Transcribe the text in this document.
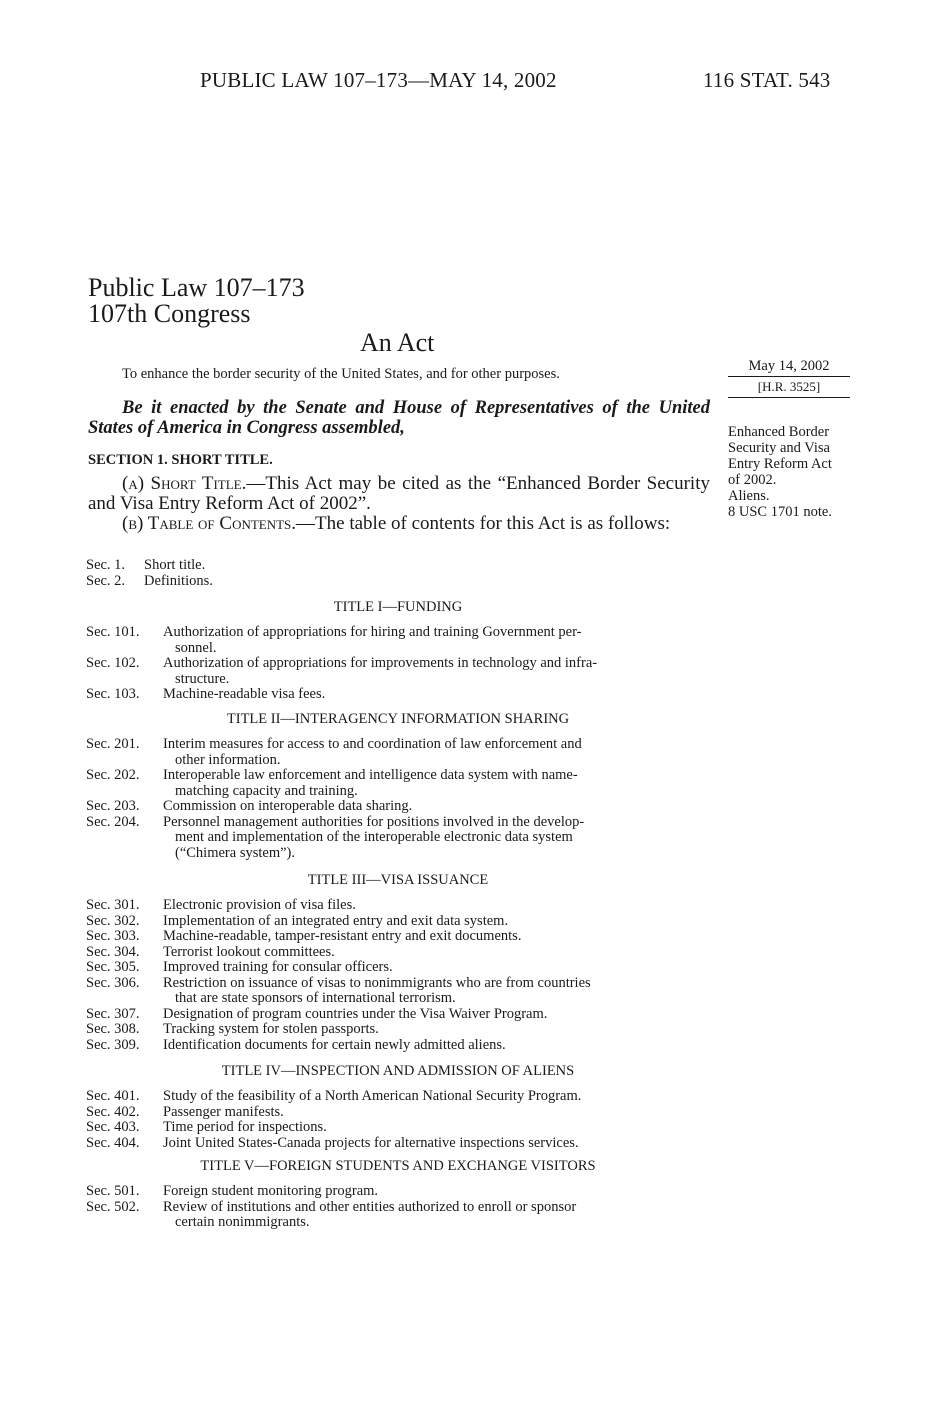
PUBLIC LAW 107–173—MAY 14, 2002	116 STAT. 543
Public Law 107–173
107th Congress
An Act
To enhance the border security of the United States, and for other purposes.	May 14, 2002
[H.R. 3525]
Enhanced Border
Security and Visa
Entry Reform Act
of 2002.
Aliens.
8 USC 1701 note.
Be it enacted by the Senate and House of Representatives of the United States of America in Congress assembled,
SECTION 1. SHORT TITLE.
(a) Short Title.—This Act may be cited as the “Enhanced Border Security and Visa Entry Reform Act of 2002”.
(b) Table of Contents.—The table of contents for this Act is as follows:
Sec. 1.	Short title.
Sec. 2.	Definitions.
TITLE I—FUNDING
Sec. 101.	Authorization of appropriations for hiring and training Government per-
sonnel.
Sec. 102.	Authorization of appropriations for improvements in technology and infra-
structure.
Sec. 103.	Machine-readable visa fees.
TITLE II—INTERAGENCY INFORMATION SHARING
Sec. 201.	Interim measures for access to and coordination of law enforcement and
other information.
Sec. 202.	Interoperable law enforcement and intelligence data system with name-
matching capacity and training.
Sec. 203.	Commission on interoperable data sharing.
Sec. 204.	Personnel management authorities for positions involved in the develop-
ment and implementation of the interoperable electronic data system
(“Chimera system”).
TITLE III—VISA ISSUANCE
Sec. 301.	Electronic provision of visa files.
Sec. 302.	Implementation of an integrated entry and exit data system.
Sec. 303.	Machine-readable, tamper-resistant entry and exit documents.
Sec. 304.	Terrorist lookout committees.
Sec. 305.	Improved training for consular officers.
Sec. 306.	Restriction on issuance of visas to nonimmigrants who are from countries
that are state sponsors of international terrorism.
Sec. 307.	Designation of program countries under the Visa Waiver Program.
Sec. 308.	Tracking system for stolen passports.
Sec. 309.	Identification documents for certain newly admitted aliens.
TITLE IV—INSPECTION AND ADMISSION OF ALIENS
Sec. 401.	Study of the feasibility of a North American National Security Program.
Sec. 402.	Passenger manifests.
Sec. 403.	Time period for inspections.
Sec. 404.	Joint United States-Canada projects for alternative inspections services.
TITLE V—FOREIGN STUDENTS AND EXCHANGE VISITORS
Sec. 501.	Foreign student monitoring program.
Sec. 502.	Review of institutions and other entities authorized to enroll or sponsor
certain nonimmigrants.
